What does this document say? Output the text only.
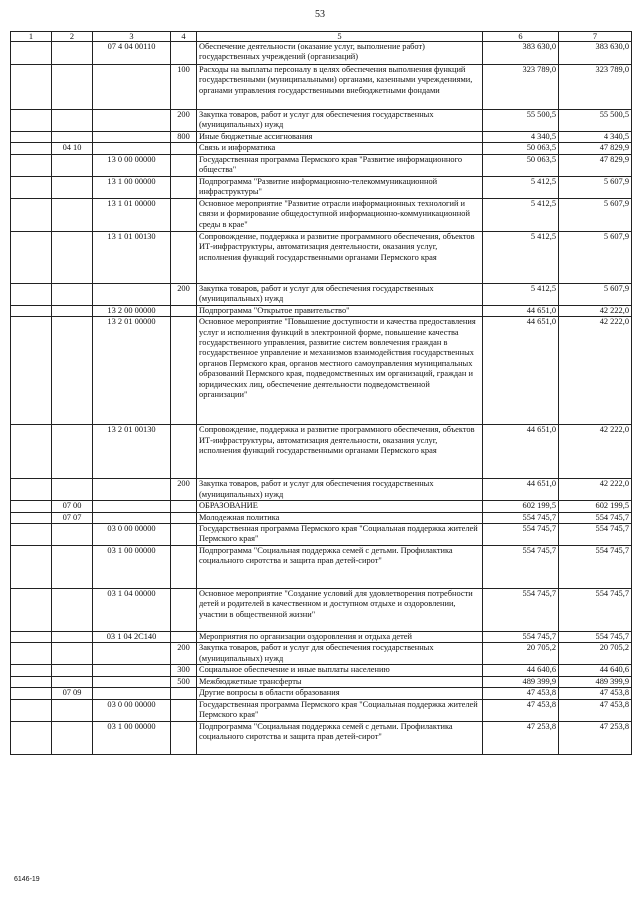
53
1	2	3	4	5	6	7
		07 4 04 00110		Обеспечение деятельности (оказание услуг, выполнение работ) государственных учреждений (организаций)	383 630,0	383 630,0
			100	Расходы на выплаты персоналу в целях обеспечения выполнения функций государственными (муниципальными) органами, казенными учреждениями, органами управления государственными внебюджетными фондами	323 789,0	323 789,0
			200	Закупка товаров, работ и услуг для обеспечения государственных (муниципальных) нужд	55 500,5	55 500,5
			800	Иные бюджетные ассигнования	4 340,5	4 340,5
	04 10			Связь и информатика	50 063,5	47 829,9
		13 0 00 00000		Государственная программа Пермского края "Развитие информационного общества"	50 063,5	47 829,9
		13 1 00 00000		Подпрограмма "Развитие информационно-телекоммуникационной инфраструктуры"	5 412,5	5 607,9
		13 1 01 00000		Основное мероприятие "Развитие отрасли информационных технологий и связи и формирование общедоступной информационно-коммуникационной среды в крае"	5 412,5	5 607,9
		13 1 01 00130		Сопровождение, поддержка и развитие программного обеспечения, объектов ИТ-инфраструктуры, автоматизация деятельности, оказания услуг, исполнения функций государственными органами Пермского края	5 412,5	5 607,9
			200	Закупка товаров, работ и услуг для обеспечения государственных (муниципальных) нужд	5 412,5	5 607,9
		13 2 00 00000		Подпрограмма "Открытое правительство"	44 651,0	42 222,0
		13 2 01 00000		Основное мероприятие "Повышение доступности и качества предоставления услуг и исполнения функций в электронной форме, повышение качества государственного управления, развитие систем вовлечения граждан в государственное управление и механизмов взаимодействия государственных органов Пермского края, органов местного самоуправления муниципальных образований Пермского края, подведомственных им организаций, граждан и юридических лиц, обеспечение деятельности подведомственной организации"	44 651,0	42 222,0
		13 2 01 00130		Сопровождение, поддержка и развитие программного обеспечения, объектов ИТ-инфраструктуры, автоматизация деятельности, оказания услуг, исполнения функций государственными органами Пермского края	44 651,0	42 222,0
			200	Закупка товаров, работ и услуг для обеспечения государственных (муниципальных) нужд	44 651,0	42 222,0
	07 00			ОБРАЗОВАНИЕ	602 199,5	602 199,5
	07 07			Молодежная политика	554 745,7	554 745,7
		03 0 00 00000		Государственная программа Пермского края "Социальная поддержка жителей Пермского края"	554 745,7	554 745,7
		03 1 00 00000		Подпрограмма "Социальная поддержка семей с детьми. Профилактика социального сиротства и защита прав детей-сирот"	554 745,7	554 745,7
		03 1 04 00000		Основное мероприятие "Создание условий для удовлетворения потребности детей и родителей в качественном и доступном отдыхе и оздоровлении, участии в общественной жизни"	554 745,7	554 745,7
		03 1 04 2С140		Мероприятия по организации оздоровления и отдыха детей	554 745,7	554 745,7
			200	Закупка товаров, работ и услуг для обеспечения государственных (муниципальных) нужд	20 705,2	20 705,2
			300	Социальное обеспечение и иные выплаты населению	44 640,6	44 640,6
			500	Межбюджетные трансферты	489 399,9	489 399,9
	07 09			Другие вопросы в области образования	47 453,8	47 453,8
		03 0 00 00000		Государственная программа Пермского края "Социальная поддержка жителей Пермского края"	47 453,8	47 453,8
		03 1 00 00000		Подпрограмма "Социальная поддержка семей с детьми. Профилактика социального сиротства и защита прав детей-сирот"	47 253,8	47 253,8
6146-19
